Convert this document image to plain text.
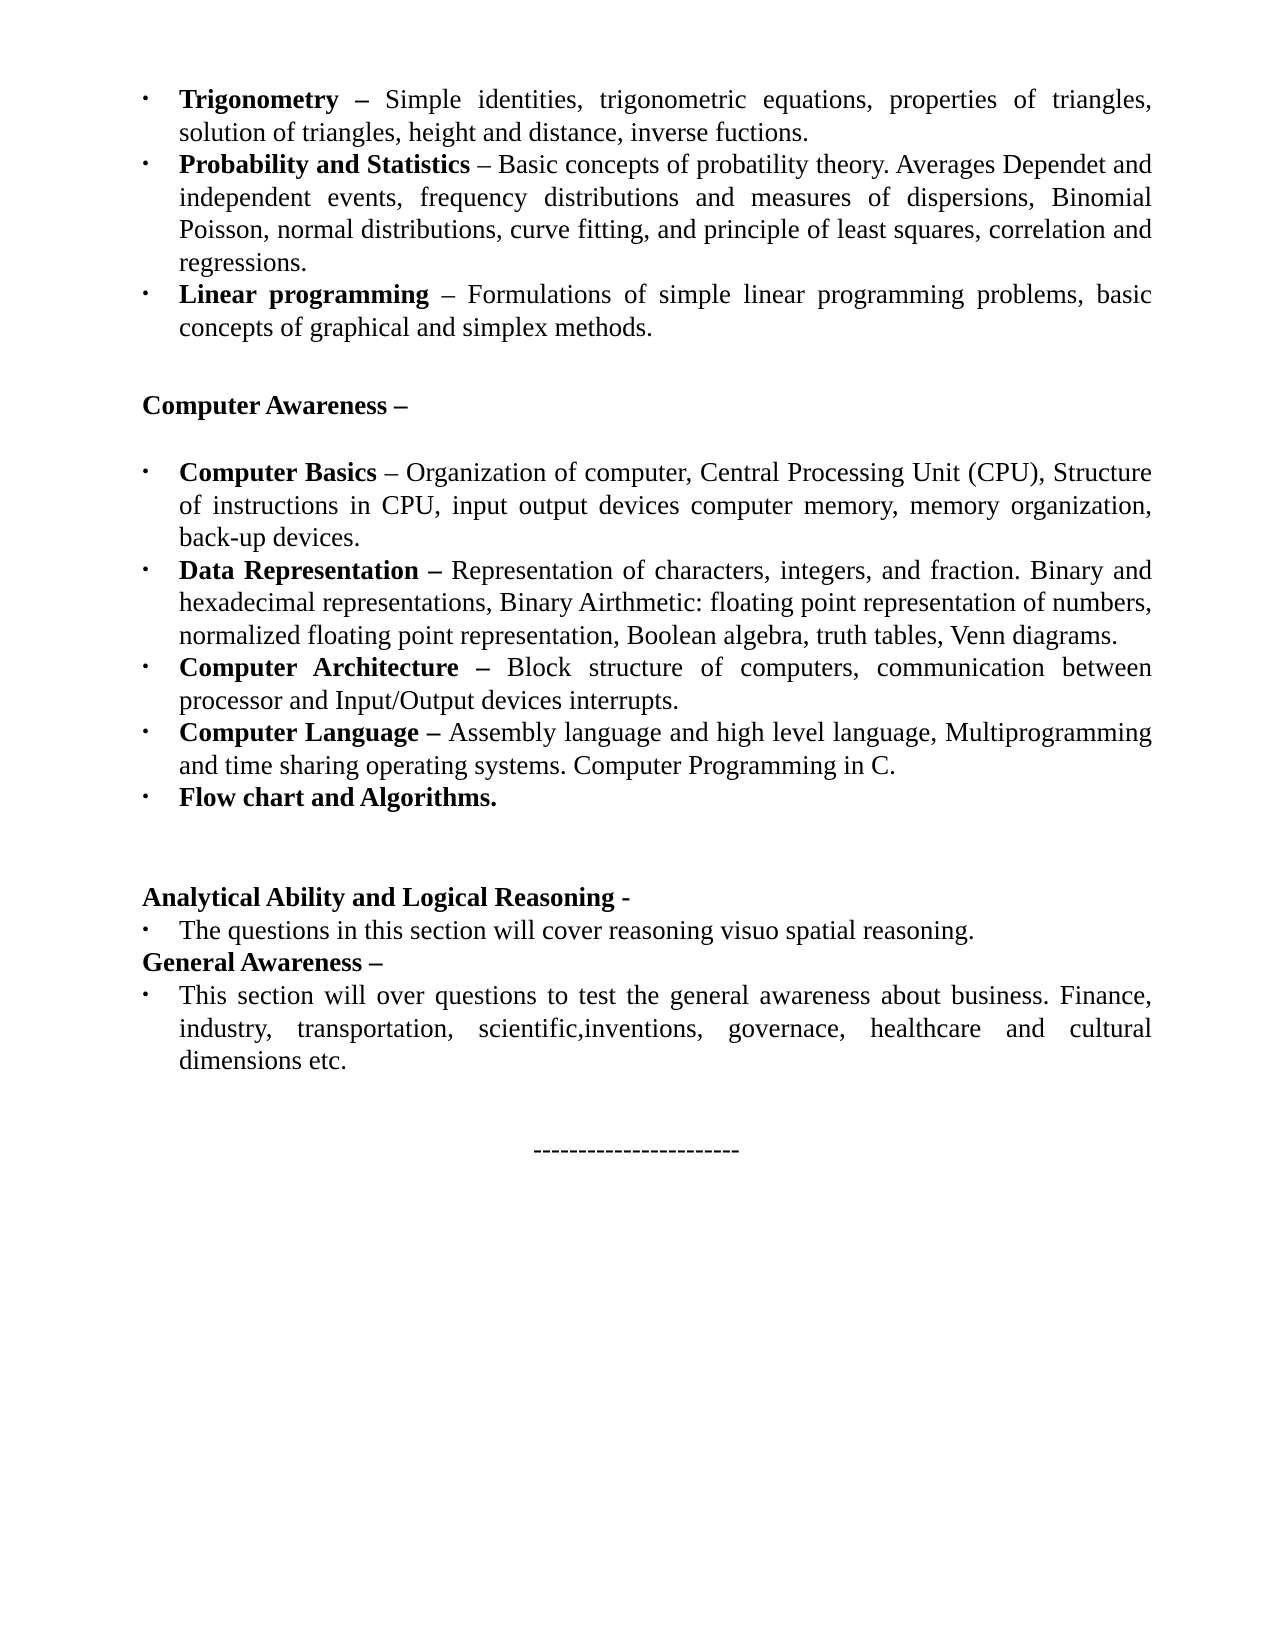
•	Trigonometry – Simple identities, trigonometric equations, properties of triangles, solution of triangles, height and distance, inverse fuctions.
•	Probability and Statistics – Basic concepts of probatility theory. Averages Dependet and independent events, frequency distributions and measures of dispersions, Binomial Poisson, normal distributions, curve fitting, and principle of least squares, correlation and regressions.
•	Linear programming – Formulations of simple linear programming problems, basic concepts of graphical and simplex methods.
Computer Awareness –
•	Computer Basics – Organization of computer, Central Processing Unit (CPU), Structure of instructions in CPU, input output devices computer memory, memory organization, back-up devices.
•	Data Representation – Representation of characters, integers, and fraction. Binary and hexadecimal representations, Binary Airthmetic: floating point representation of numbers, normalized floating point representation, Boolean algebra, truth tables, Venn diagrams.
•	Computer Architecture – Block structure of computers, communication between processor and Input/Output devices interrupts.
•	Computer Language – Assembly language and high level language, Multiprogramming and time sharing operating systems. Computer Programming in C.
•	Flow chart and Algorithms.
Analytical Ability and Logical Reasoning -
•	The questions in this section will cover reasoning visuo spatial reasoning.
General Awareness –
•	This section will over questions to test the general awareness about business. Finance, industry, transportation, scientific,inventions, governace, healthcare and cultural dimensions etc.
-----------------------
